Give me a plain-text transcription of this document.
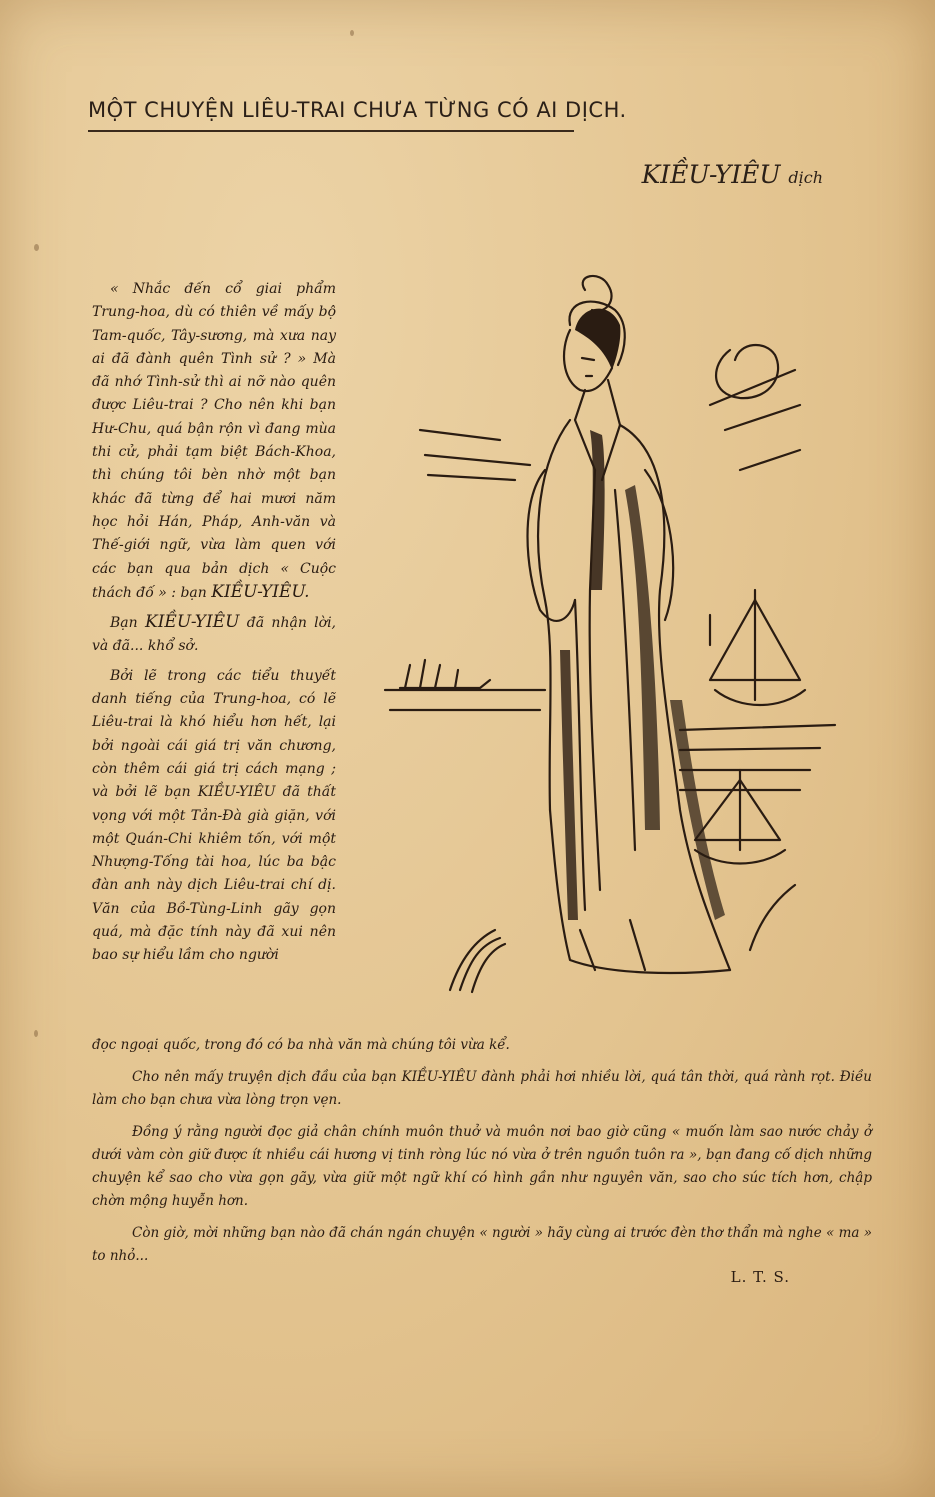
MỘT CHUYỆN LIÊU-TRAI CHƯA TỪNG CÓ AI DỊCH.
KIỀU-YIÊU dịch

« Nhắc đến cổ giai phẩm Trung-hoa, dù có thiên về mấy bộ Tam-quốc, Tây-sương, mà xưa nay ai đã đành quên Tình sử ? » Mà đã nhớ Tình-sử thì ai nỡ nào quên được Liêu-trai ? Cho nên khi bạn Hư-Chu, quá bận rộn vì đang mùa thi cử, phải tạm biệt Bách-Khoa, thì chúng tôi bèn nhờ một bạn khác đã từng để hai mươi năm học hỏi Hán, Pháp, Anh-văn và Thế-giới ngữ, vừa làm quen với các bạn qua bản dịch « Cuộc thách đố » : bạn KIỀU-YIÊU.

Bạn KIỀU-YIÊU đã nhận lời, và đã... khổ sở.

Bởi lẽ trong các tiểu thuyết danh tiếng của Trung-hoa, có lẽ Liêu-trai là khó hiểu hơn hết, lại bởi ngoài cái giá trị văn chương, còn thêm cái giá trị cách mạng ; và bởi lẽ bạn KIỀU-YIÊU đã thất vọng với một Tản-Đà già giặn, với một Quán-Chi khiêm tốn, với một Nhượng-Tống tài hoa, lúc ba bậc đàn anh này dịch Liêu-trai chí dị. Văn của Bồ-Tùng-Linh gãy gọn quá, mà đặc tính này đã xui nên bao sự hiểu lầm cho người

đọc ngoại quốc, trong đó có ba nhà văn mà chúng tôi vừa kể.

Cho nên mấy truyện dịch đầu của bạn KIỀU-YIÊU đành phải hơi nhiều lời, quá tân thời, quá rành rọt. Điều làm cho bạn chưa vừa lòng trọn vẹn.

Đồng ý rằng người đọc giả chân chính muôn thuở và muôn nơi bao giờ cũng « muốn làm sao nước chảy ở dưới vàm còn giữ được ít nhiều cái hương vị tinh ròng lúc nó vừa ở trên nguồn tuôn ra », bạn đang cố dịch những chuyện kể sao cho vừa gọn gãy, vừa giữ một ngữ khí có hình gần như nguyên văn, sao cho súc tích hơn, chập chờn mộng huyễn hơn.

Còn giờ, mời những bạn nào đã chán ngán chuyện « người » hãy cùng ai trước đèn thơ thẩn mà nghe « ma » to nhỏ...

L. T. S.
